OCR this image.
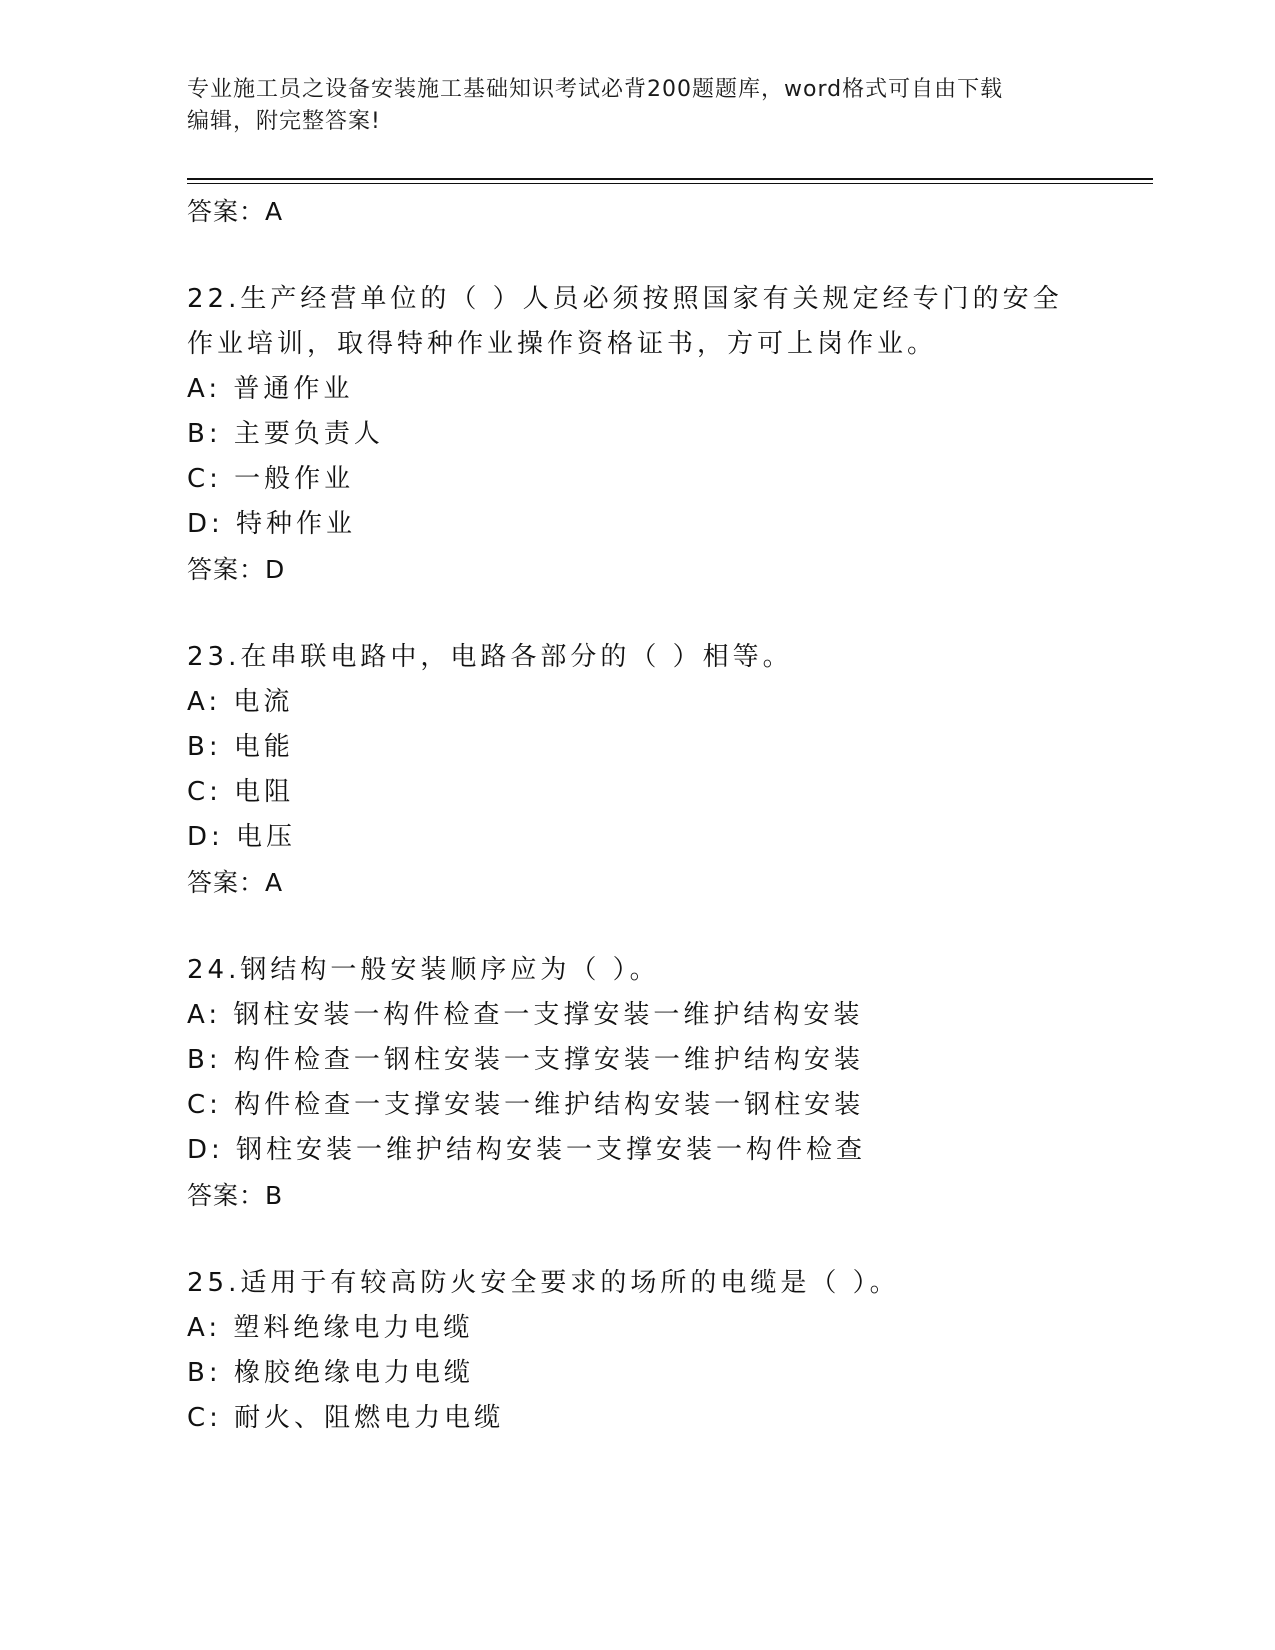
专业施工员之设备安装施工基础知识考试必背200题题库，word格式可自由下载
编辑，附完整答案!
答案：A
22.生产经营单位的（ ）人员必须按照国家有关规定经专门的安全作业培训，取得特种作业操作资格证书，方可上岗作业。
A: 普通作业
B: 主要负责人
C: 一般作业
D: 特种作业
答案：D
23.在串联电路中，电路各部分的（ ）相等。
A: 电流
B: 电能
C: 电阻
D: 电压
答案：A
24.钢结构一般安装顺序应为（ ）。
A: 钢柱安装一构件检查一支撑安装一维护结构安装
B: 构件检查一钢柱安装一支撑安装一维护结构安装
C: 构件检查一支撑安装一维护结构安装一钢柱安装
D: 钢柱安装一维护结构安装一支撑安装一构件检查
答案：B
25.适用于有较高防火安全要求的场所的电缆是（ ）。
A: 塑料绝缘电力电缆
B: 橡胶绝缘电力电缆
C: 耐火、阻燃电力电缆
